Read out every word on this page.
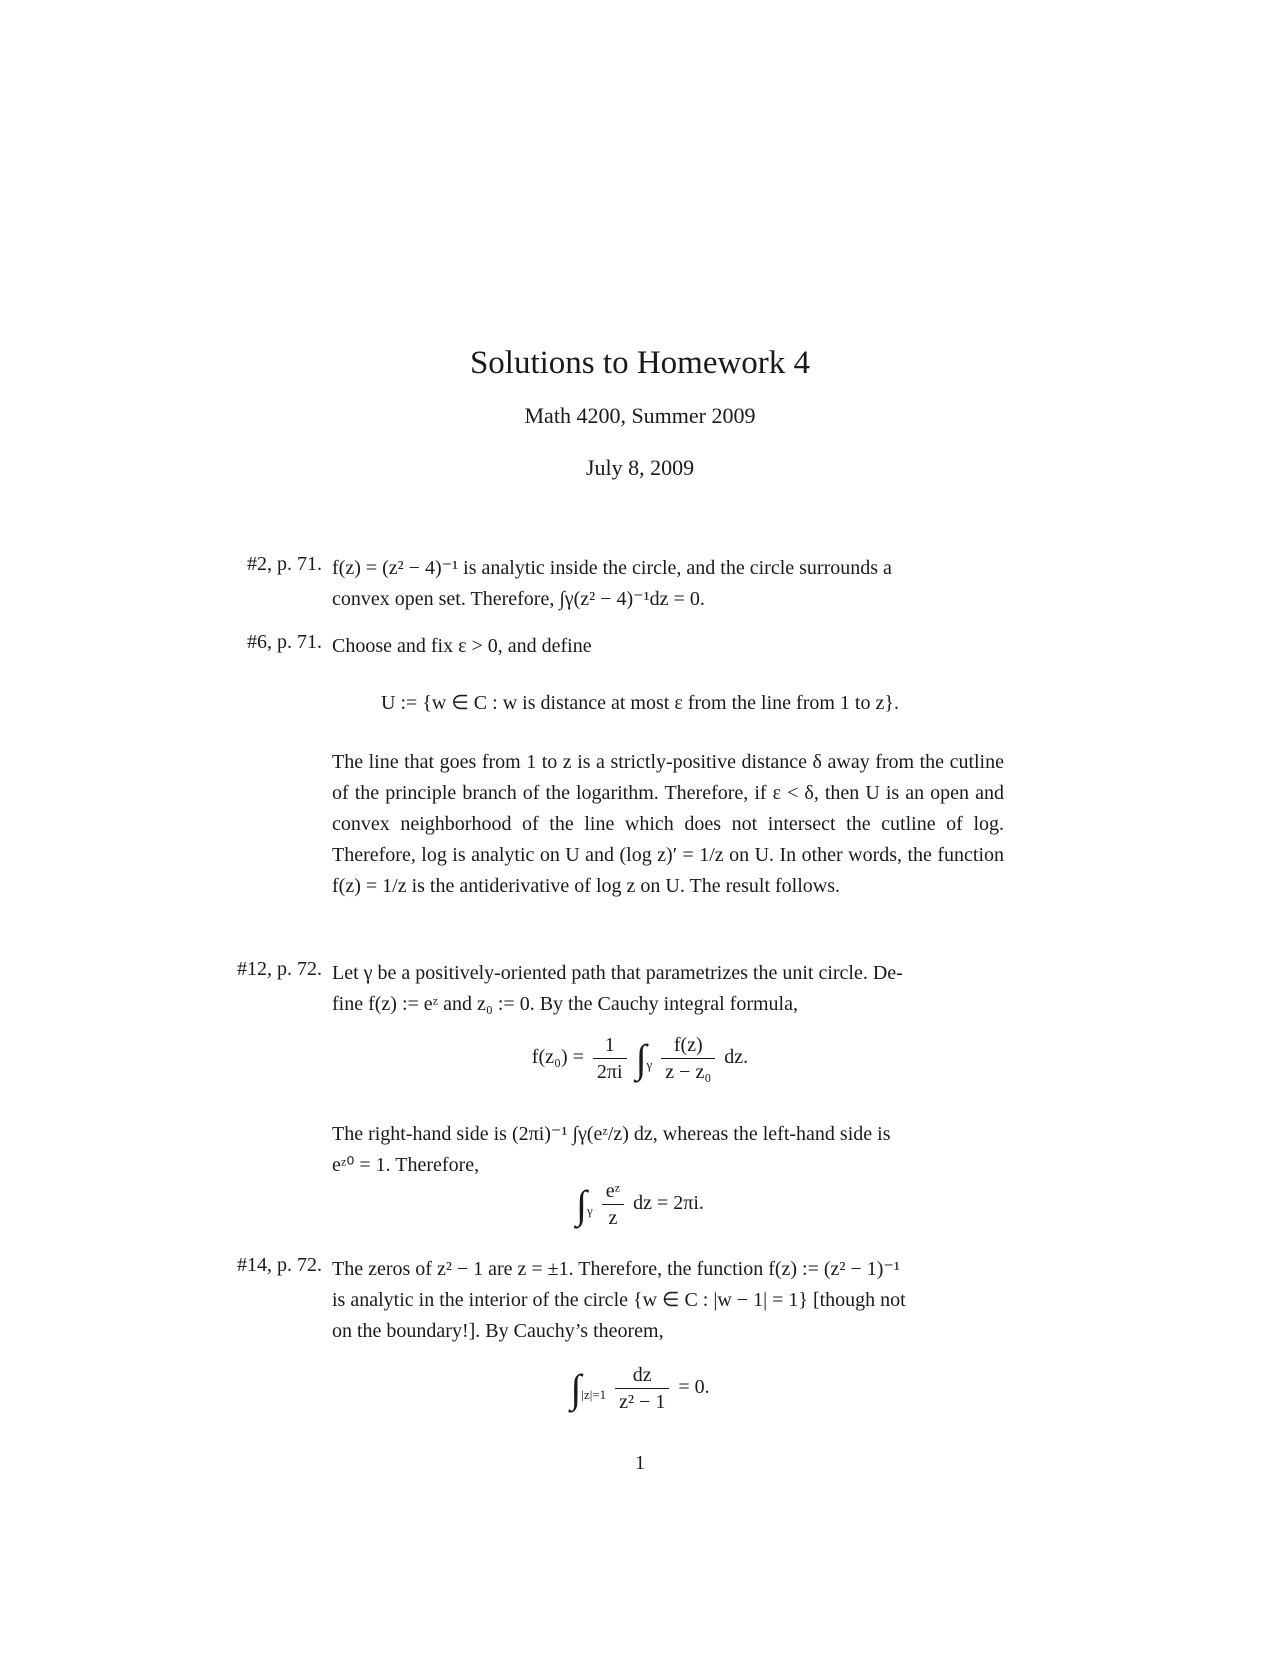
Solutions to Homework 4
Math 4200, Summer 2009
July 8, 2009
#2, p. 71. f(z) = (z² − 4)⁻¹ is analytic inside the circle, and the circle surrounds a
convex open set. Therefore, ∫γ(z² − 4)⁻¹dz = 0.
#6, p. 71. Choose and fix ε > 0, and define
U := {w ∈ C : w is distance at most ε from the line from 1 to z}.
The line that goes from 1 to z is a strictly-positive distance δ away from the cutline of the principle branch of the logarithm. Therefore, if ε < δ, then U is an open and convex neighborhood of the line which does not intersect the cutline of log. Therefore, log is analytic on U and (log z)′ = 1/z on U. In other words, the function f(z) = 1/z is the antiderivative of log z on U. The result follows.
#12, p. 72. Let γ be a positively-oriented path that parametrizes the unit circle. De-
fine f(z) := eᶻ and z₀ := 0. By the Cauchy integral formula,
$f(z_0) = \frac{1}{2\pi i} \int_\gamma \frac{f(z)}{\text{z − z₀}}$ dz.
The right-hand side is (2πi)⁻¹ ∫γ(eᶻ/z) dz, whereas the left-hand side is
eᶻ⁰ = 1. Therefore,
$\int_\gamma \frac{\text{eᶻ}}{z}$ dz = 2πi.
#14, p. 72. The zeros of z² − 1 are z = ±1. Therefore, the function f(z) := (z² − 1)⁻¹
is analytic in the interior of the circle {w ∈ C : |w − 1| = 1} [though not
on the boundary!]. By Cauchy’s theorem,
$\int_{|z|=1} \frac{dz}{\text{z² − 1}} = 0$.
1
